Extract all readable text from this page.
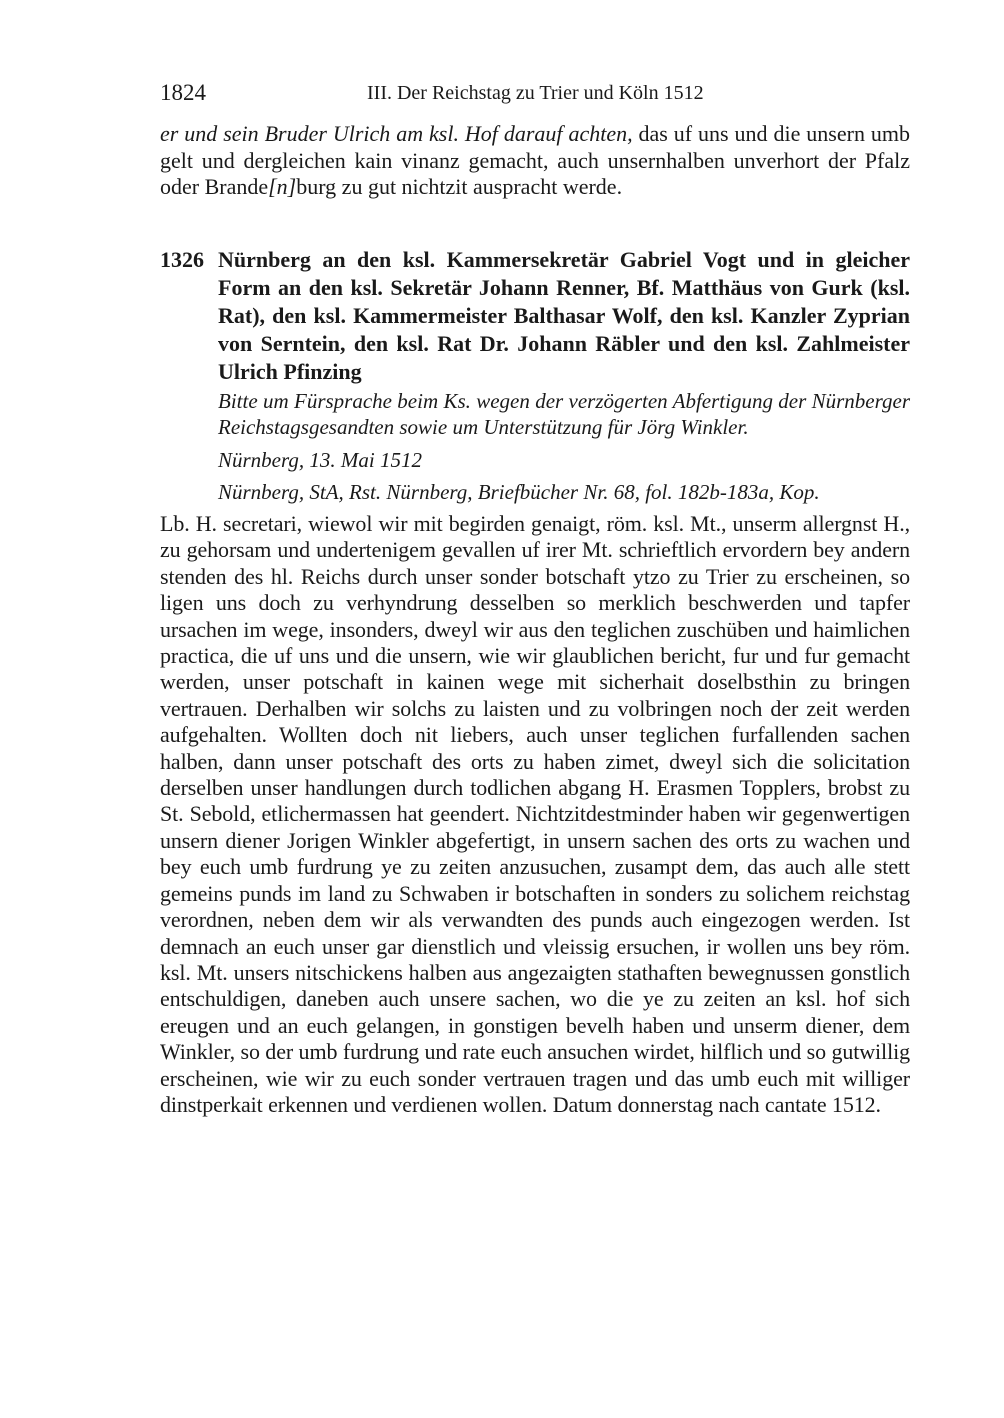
1824	III. Der Reichstag zu Trier und Köln 1512

er und sein Bruder Ulrich am ksl. Hof darauf achten, das uf uns und die unsern umb gelt und dergleichen kain vinanz gemacht, auch unsernhalben unverhort der Pfalz oder Brande[n]burg zu gut nichtzit auspracht werde.

1326 Nürnberg an den ksl. Kammersekretär Gabriel Vogt und in gleicher Form an den ksl. Sekretär Johann Renner, Bf. Matthäus von Gurk (ksl. Rat), den ksl. Kammermeister Balthasar Wolf, den ksl. Kanzler Zyprian von Serntein, den ksl. Rat Dr. Johann Räbler und den ksl. Zahlmeister Ulrich Pfinzing
Bitte um Fürsprache beim Ks. wegen der verzögerten Abfertigung der Nürnberger Reichstagsgesandten sowie um Unterstützung für Jörg Winkler.
Nürnberg, 13. Mai 1512
Nürnberg, StA, Rst. Nürnberg, Briefbücher Nr. 68, fol. 182b-183a, Kop.
Lb. H. secretari, wiewol wir mit begirden genaigt, röm. ksl. Mt., unserm allergnst H., zu gehorsam und undertenigem gevallen uf irer Mt. schrieftlich ervordern bey andern stenden des hl. Reichs durch unser sonder botschaft ytzo zu Trier zu erscheinen, so ligen uns doch zu verhyndrung desselben so merklich beschwerden und tapfer ursachen im wege, insonders, dweyl wir aus den teglichen zuschüben und haimlichen practica, die uf uns und die unsern, wie wir glaublichen bericht, fur und fur gemacht werden, unser potschaft in kainen wege mit sicherhait doselbsthin zu bringen vertrauen. Derhalben wir solchs zu laisten und zu volbringen noch der zeit werden aufgehalten. Wollten doch nit liebers, auch unser teglichen furfallenden sachen halben, dann unser potschaft des orts zu haben zimet, dweyl sich die solicitation derselben unser handlungen durch todlichen abgang H. Erasmen Topplers, brobst zu St. Sebold, etlichermassen hat geendert. Nichtzitdestminder haben wir gegenwertigen unsern diener Jorigen Winkler abgefertigt, in unsern sachen des orts zu wachen und bey euch umb furdrung ye zu zeiten anzusuchen, zusampt dem, das auch alle stett gemeins punds im land zu Schwaben ir botschaften in sonders zu solichem reichstag verordnen, neben dem wir als verwandten des punds auch eingezogen werden. Ist demnach an euch unser gar dienstlich und vleissig ersuchen, ir wollen uns bey röm. ksl. Mt. unsers nitschickens halben aus angezaigten stathaften bewegnussen gonstlich entschuldigen, daneben auch unsere sachen, wo die ye zu zeiten an ksl. hof sich ereugen und an euch gelangen, in gonstigen bevelh haben und unserm diener, dem Winkler, so der umb furdrung und rate euch ansuchen wirdet, hilflich und so gutwillig erscheinen, wie wir zu euch sonder vertrauen tragen und das umb euch mit williger dinstperkait erkennen und verdienen wollen. Datum donnerstag nach cantate 1512.
